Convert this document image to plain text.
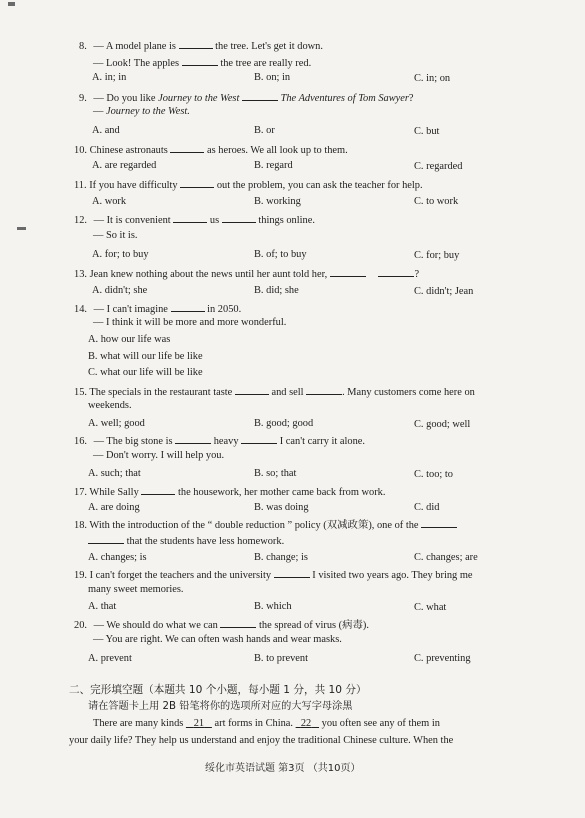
8. — A model plane is	the tree. Let's get it down.
— Look! The apples	the tree are really red.
A. in; in	B. on; in	C. in; on
9. — Do you like Journey to the West	The Adventures of Tom Sawyer?
— Journey to the West.
A. and	B. or	C. but
10. Chinese astronauts	as heroes. We all look up to them.
A. are regarded	B. regard	C. regarded
11. If you have difficulty	out the problem, you can ask the teacher for help.
A. work	B. working	C. to work
12. — It is convenient	us	things online.
— So it is.
A. for; to buy	B. of; to buy	C. for; buy
13. Jean knew nothing about the news until her aunt told her,	?
A. didn't; she	B. did; she	C. didn't; Jean
14. — I can't imagine	in 2050.
— I think it will be more and more wonderful.
A. how our life was
B. what will our life be like
C. what our life will be like
15. The specials in the restaurant taste	and sell	. Many customers come here on
weekends.
A. well; good	B. good; good	C. good; well
16. — The big stone is	heavy	I can't carry it alone.
— Don't worry. I will help you.
A. such; that	B. so; that	C. too; to
17. While Sally	the housework, her mother came back from work.
A. are doing	B. was doing	C. did
18. With the introduction of the “ double reduction ” policy (双减政策), one of the
that the students have less homework.
A. changes; is	B. change; is	C. changes; are
19. I can't forget the teachers and the university	I visited two years ago. They bring me
many sweet memories.
A. that	B. which	C. what
20. — We should do what we can	the spread of virus (病毒).
— You are right. We can often wash hands and wear masks.
A. prevent	B. to prevent	C. preventing
二、完形填空题（本题共 10 个小题，每小题 1 分，共 10 分）
请在答题卡上用 2B 铅笔将你的选项所对应的大写字母涂黑
There are many kinds 21 art forms in China. 22 you often see any of them in
your daily life? They help us understand and enjoy the traditional Chinese culture. When the
绥化市英语试题 第3页 （共10页）
